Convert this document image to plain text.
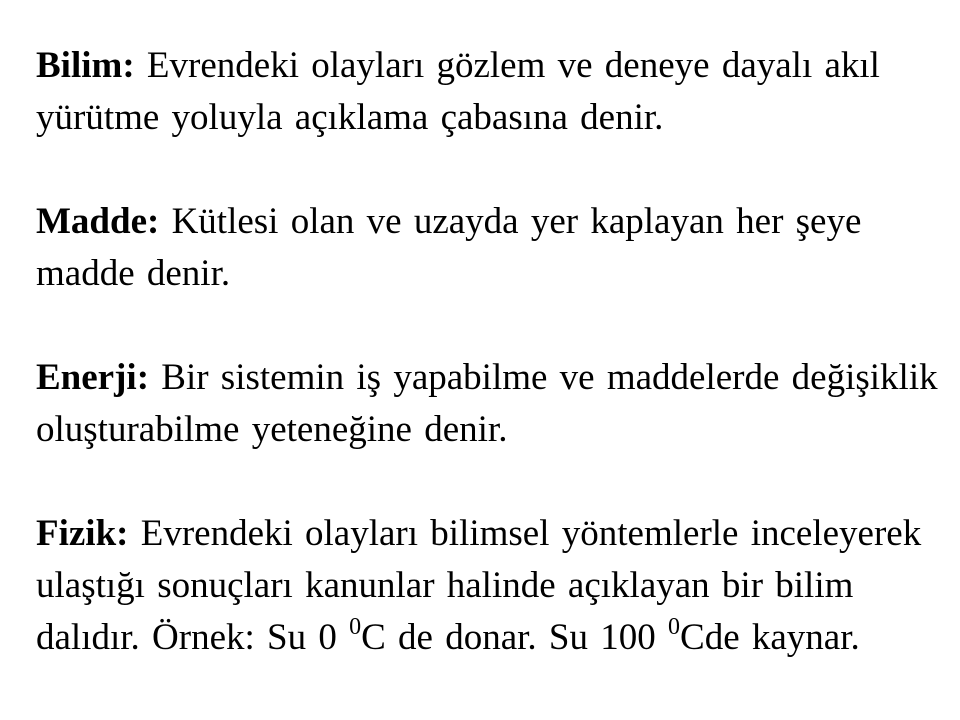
Bilim: Evrendeki olayları gözlem ve deneye dayalı akıl
yürütme yoluyla açıklama çabasına denir.

Madde: Kütlesi olan ve uzayda yer kaplayan her şeye
madde denir.

Enerji: Bir sistemin iş yapabilme ve maddelerde değişiklik
oluşturabilme yeteneğine denir.

Fizik: Evrendeki olayları bilimsel yöntemlerle inceleyerek
ulaştığı sonuçları kanunlar halinde açıklayan bir bilim
dalıdır. Örnek: Su 0 $^0$C de donar. Su 100 $^0$Cde kaynar.
